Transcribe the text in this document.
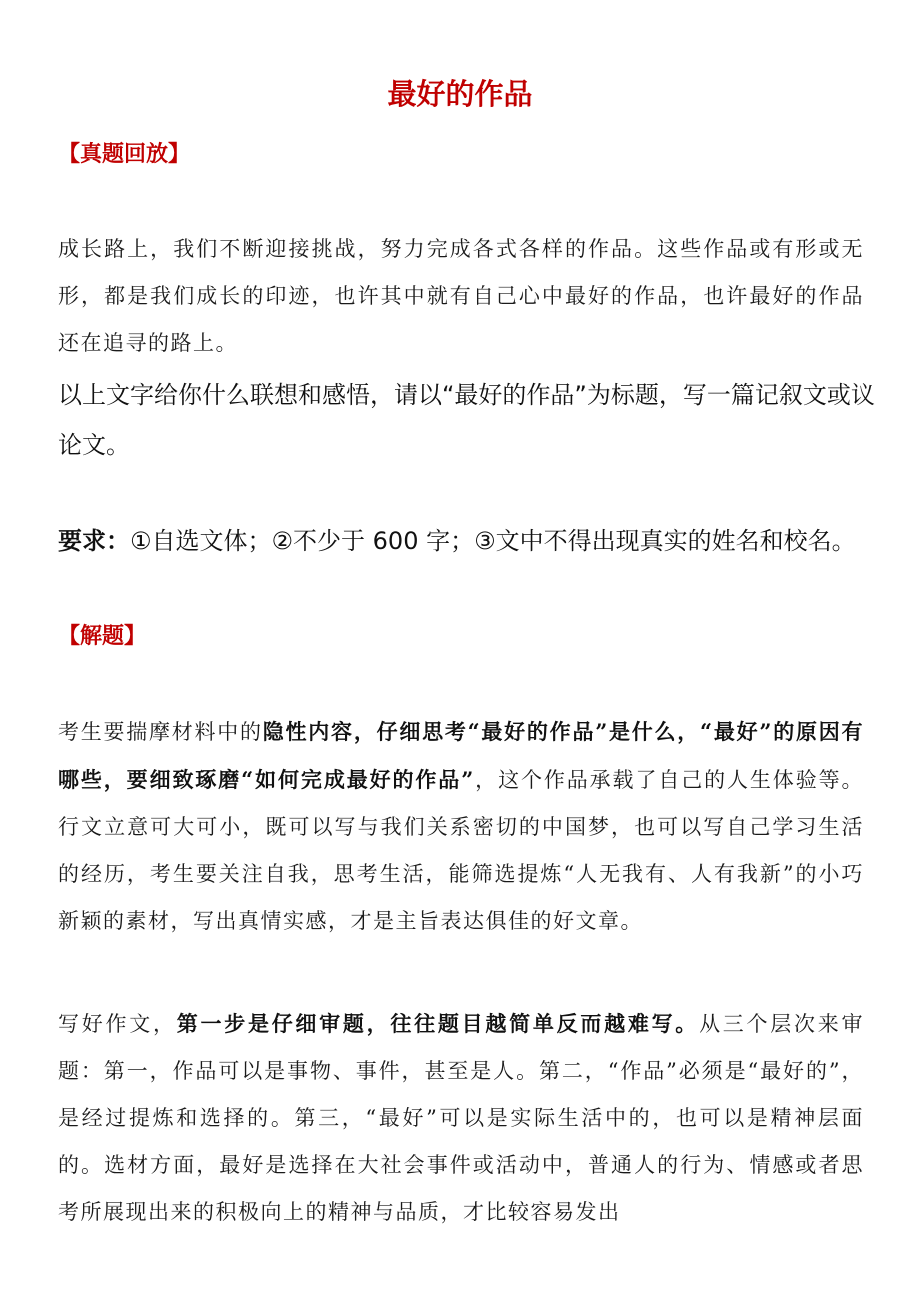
最好的作品
【真题回放】

成长路上，我们不断迎接挑战，努力完成各式各样的作品。这些作品或有形或无形，都是我们成长的印迹，也许其中就有自己心中最好的作品，也许最好的作品还在追寻的路上。

以上文字给你什么联想和感悟，请以“最好的作品”为标题，写一篇记叙文或议论文。

要求：①自选文体；②不少于 600 字；③文中不得出现真实的姓名和校名。
【解题】

考生要揣摩材料中的隐性内容，仔细思考“最好的作品”是什么，“最好”的原因有哪些，要细致琢磨“如何完成最好的作品”，这个作品承载了自己的人生体验等。行文立意可大可小，既可以写与我们关系密切的中国梦，也可以写自己学习生活的经历，考生要关注自我，思考生活，能筛选提炼“人无我有、人有我新”的小巧新颖的素材，写出真情实感，才是主旨表达俱佳的好文章。

写好作文，第一步是仔细审题，往往题目越简单反而越难写。从三个层次来审题：第一，作品可以是事物、事件，甚至是人。第二，“作品”必须是“最好的”，是经过提炼和选择的。第三，“最好”可以是实际生活中的，也可以是精神层面的。选材方面，最好是选择在大社会事件或活动中，普通人的行为、情感或者思考所展现出来的积极向上的精神与品质，才比较容易发出
